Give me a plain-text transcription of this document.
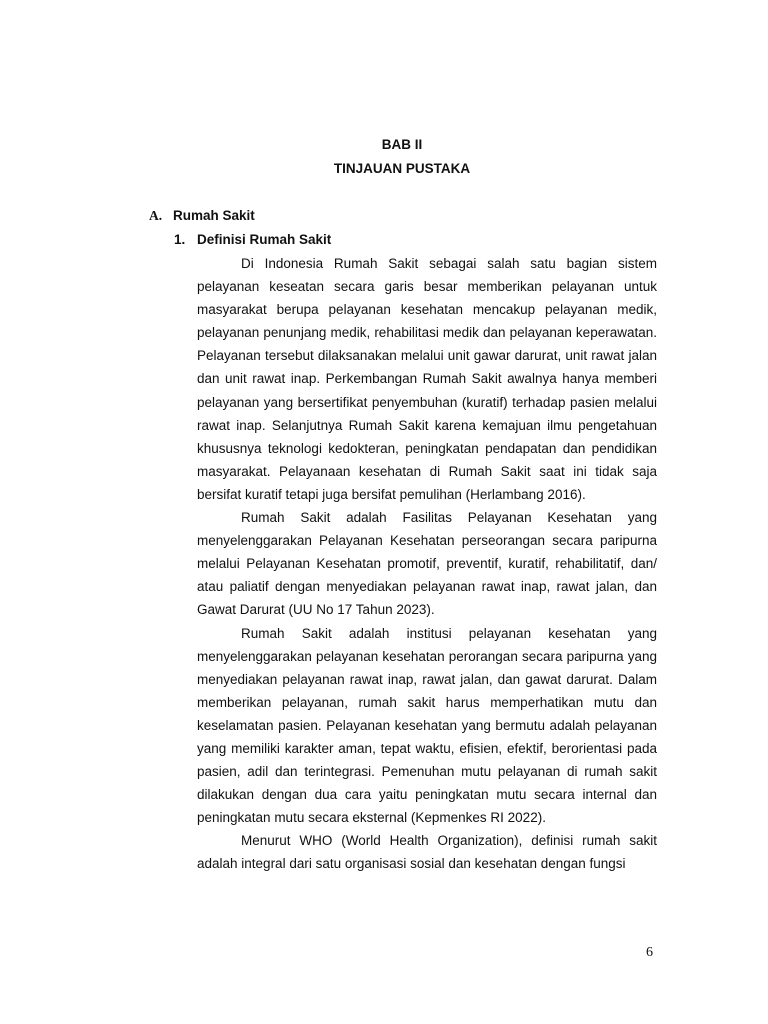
BAB II
TINJAUAN PUSTAKA
A. Rumah Sakit
1. Definisi Rumah Sakit

Di Indonesia Rumah Sakit sebagai salah satu bagian sistem pelayanan keseatan secara garis besar memberikan pelayanan untuk masyarakat berupa pelayanan kesehatan mencakup pelayanan medik, pelayanan penunjang medik, rehabilitasi medik dan pelayanan keperawatan. Pelayanan tersebut dilaksanakan melalui unit gawar darurat, unit rawat jalan dan unit rawat inap. Perkembangan Rumah Sakit awalnya hanya memberi pelayanan yang bersertifikat penyembuhan (kuratif) terhadap pasien melalui rawat inap. Selanjutnya Rumah Sakit karena kemajuan ilmu pengetahuan khususnya teknologi kedokteran, peningkatan pendapatan dan pendidikan masyarakat. Pelayanaan kesehatan di Rumah Sakit saat ini tidak saja bersifat kuratif tetapi juga bersifat pemulihan (Herlambang 2016).

Rumah Sakit adalah Fasilitas Pelayanan Kesehatan yang menyelenggarakan Pelayanan Kesehatan perseorangan secara paripurna melalui Pelayanan Kesehatan promotif, preventif, kuratif, rehabilitatif, dan/ atau paliatif dengan menyediakan pelayanan rawat inap, rawat jalan, dan Gawat Darurat (UU No 17 Tahun 2023).

Rumah Sakit adalah institusi pelayanan kesehatan yang menyelenggarakan pelayanan kesehatan perorangan secara paripurna yang menyediakan pelayanan rawat inap, rawat jalan, dan gawat darurat. Dalam memberikan pelayanan, rumah sakit harus memperhatikan mutu dan keselamatan pasien. Pelayanan kesehatan yang bermutu adalah pelayanan yang memiliki karakter aman, tepat waktu, efisien, efektif, berorientasi pada pasien, adil dan terintegrasi. Pemenuhan mutu pelayanan di rumah sakit dilakukan dengan dua cara yaitu peningkatan mutu secara internal dan peningkatan mutu secara eksternal (Kepmenkes RI 2022).

Menurut WHO (World Health Organization), definisi rumah sakit adalah integral dari satu organisasi sosial dan kesehatan dengan fungsi

6
